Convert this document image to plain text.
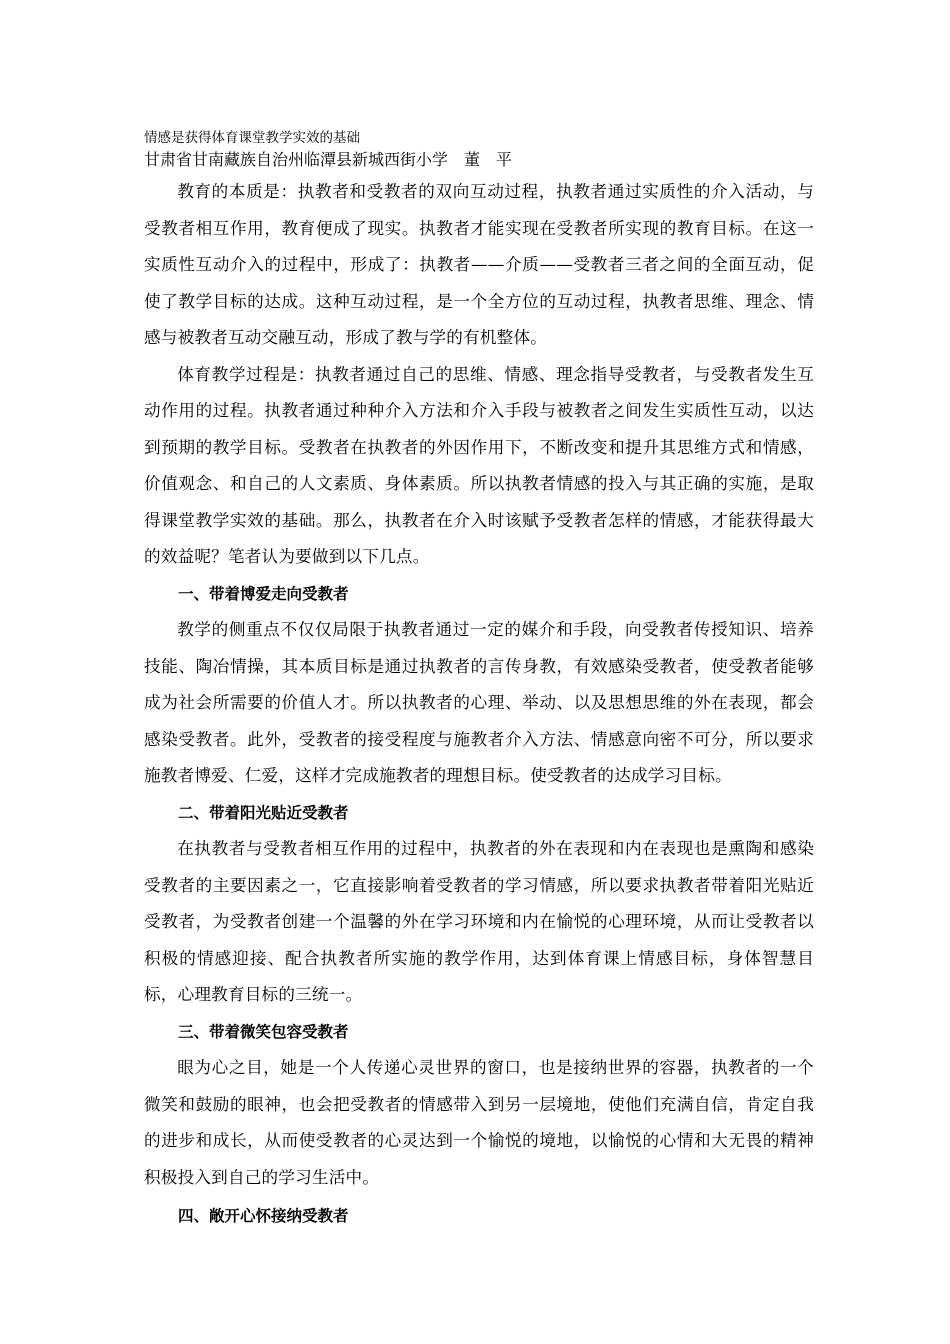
情感是获得体育课堂教学实效的基础

甘肃省甘南藏族自治州临潭县新城西街小学　董　平

教育的本质是：执教者和受教者的双向互动过程，执教者通过实质性的介入活动，与受教者相互作用，教育便成了现实。执教者才能实现在受教者所实现的教育目标。在这一实质性互动介入的过程中，形成了：执教者——介质——受教者三者之间的全面互动，促使了教学目标的达成。这种互动过程，是一个全方位的互动过程，执教者思维、理念、情感与被教者互动交融互动，形成了教与学的有机整体。

体育教学过程是：执教者通过自己的思维、情感、理念指导受教者，与受教者发生互动作用的过程。执教者通过种种介入方法和介入手段与被教者之间发生实质性互动，以达到预期的教学目标。受教者在执教者的外因作用下，不断改变和提升其思维方式和情感，价值观念、和自己的人文素质、身体素质。所以执教者情感的投入与其正确的实施，是取得课堂教学实效的基础。那么，执教者在介入时该赋予受教者怎样的情感，才能获得最大的效益呢？笔者认为要做到以下几点。

一、带着博爱走向受教者

教学的侧重点不仅仅局限于执教者通过一定的媒介和手段，向受教者传授知识、培养技能、陶冶情操，其本质目标是通过执教者的言传身教，有效感染受教者，使受教者能够成为社会所需要的价值人才。所以执教者的心理、举动、以及思想思维的外在表现，都会感染受教者。此外，受教者的接受程度与施教者介入方法、情感意向密不可分，所以要求施教者博爱、仁爱，这样才完成施教者的理想目标。使受教者的达成学习目标。

二、带着阳光贴近受教者

在执教者与受教者相互作用的过程中，执教者的外在表现和内在表现也是熏陶和感染受教者的主要因素之一，它直接影响着受教者的学习情感，所以要求执教者带着阳光贴近受教者，为受教者创建一个温馨的外在学习环境和内在愉悦的心理环境，从而让受教者以积极的情感迎接、配合执教者所实施的教学作用，达到体育课上情感目标，身体智慧目标，心理教育目标的三统一。

三、带着微笑包容受教者

眼为心之目，她是一个人传递心灵世界的窗口，也是接纳世界的容器，执教者的一个微笑和鼓励的眼神，也会把受教者的情感带入到另一层境地，使他们充满自信，肯定自我的进步和成长，从而使受教者的心灵达到一个愉悦的境地，以愉悦的心情和大无畏的精神积极投入到自己的学习生活中。

四、敞开心怀接纳受教者
